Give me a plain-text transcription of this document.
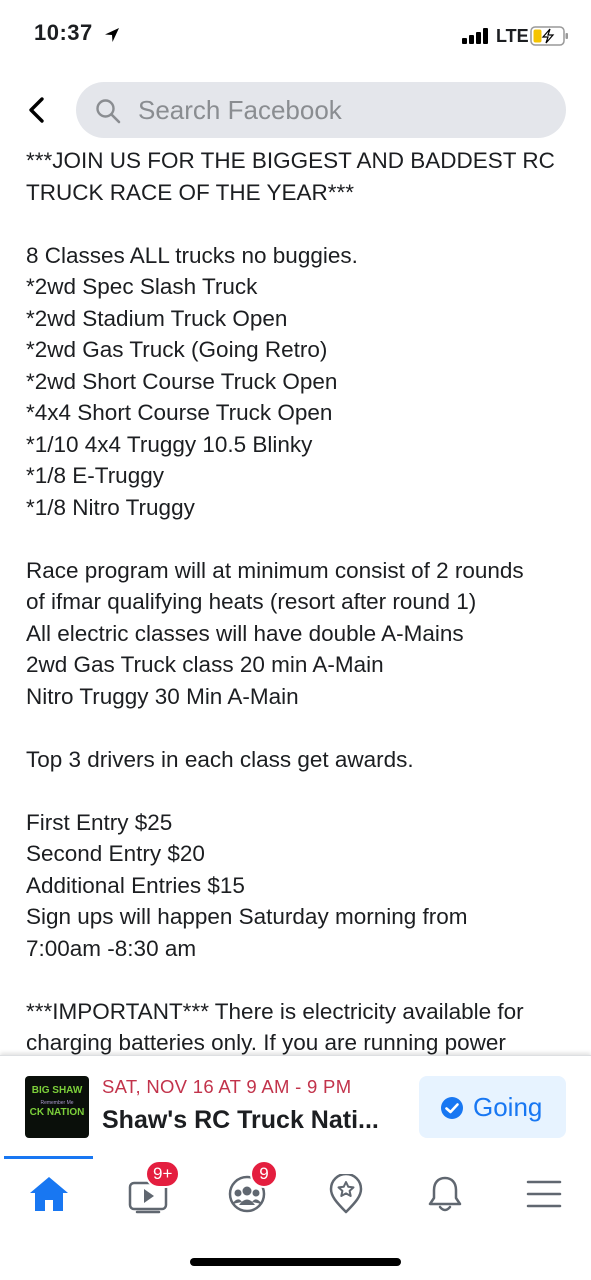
10:37	LTE
Search Facebook
***JOIN US FOR THE BIGGEST AND BADDEST RC
TRUCK RACE OF THE YEAR***
8 Classes ALL trucks no buggies.
*2wd Spec Slash Truck
*2wd Stadium Truck Open
*2wd Gas Truck (Going Retro)
*2wd Short Course Truck Open
*4x4 Short Course Truck Open
*1/10 4x4 Truggy 10.5 Blinky
*1/8 E-Truggy
*1/8 Nitro Truggy
Race program will at minimum consist of 2 rounds
of ifmar qualifying heats (resort after round 1)
All electric classes will have double A-Mains
2wd Gas Truck class 20 min A-Main
Nitro Truggy 30 Min A-Main
Top 3 drivers in each class get awards.
First Entry $25
Second Entry $20
Additional Entries $15
Sign ups will happen Saturday morning from
7:00am -8:30 am
***IMPORTANT*** There is electricity available for
charging batteries only. If you are running power
BIG SHAW
Remember Me
CK NATION
SAT, NOV 16 AT 9 AM - 9 PM
Shaw's RC Truck Nati...	Going
9+	9
